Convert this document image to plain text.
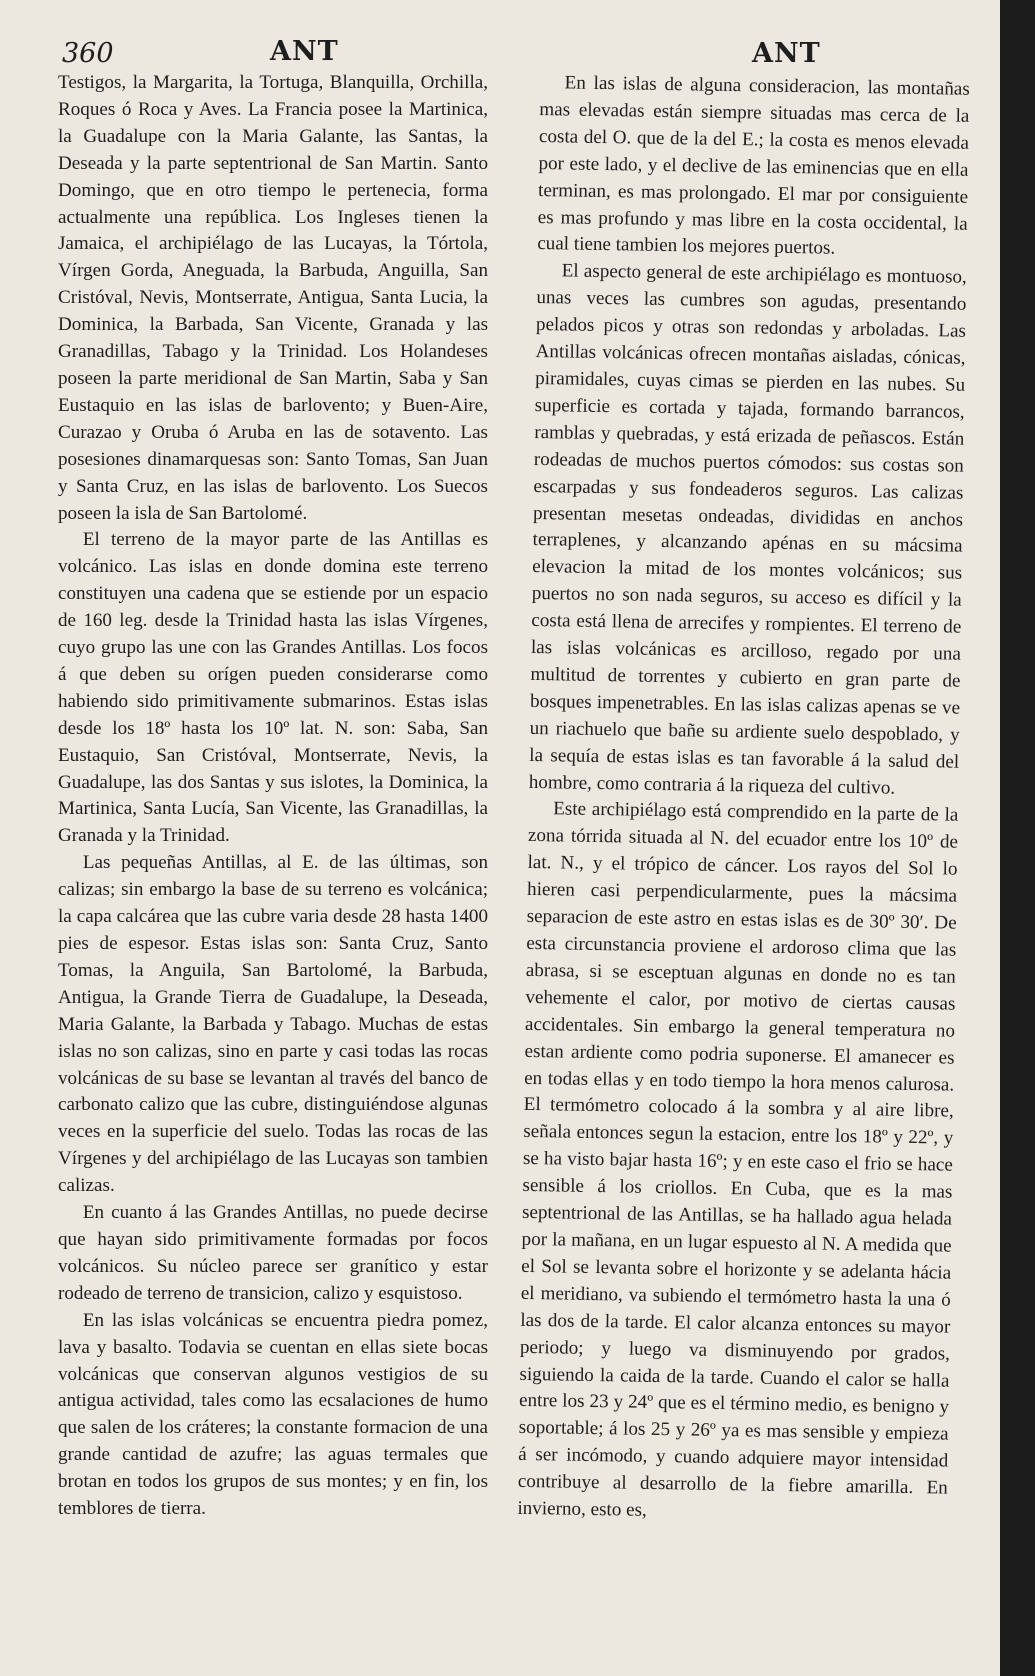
360	ANT	ANT

Testigos, la Margarita, la Tortuga, Blanquilla, Orchilla, Roques ó Roca y Aves. La Francia posee la Martinica, la Guadalupe con la Maria Galante, las Santas, la Deseada y la parte septentrional de San Martin. Santo Domingo, que en otro tiempo le pertenecia, forma actualmente una república. Los Ingleses tienen la Jamaica, el archipiélago de las Lucayas, la Tórtola, Vírgen Gorda, Aneguada, la Barbuda, Anguilla, San Cristóval, Nevis, Montserrate, Antigua, Santa Lucia, la Dominica, la Barbada, San Vicente, Granada y las Granadillas, Tabago y la Trinidad. Los Holandeses poseen la parte meridional de San Martin, Saba y San Eustaquio en las islas de barlovento; y Buen-Aire, Curazao y Oruba ó Aruba en las de sotavento. Las posesiones dinamarquesas son: Santo Tomas, San Juan y Santa Cruz, en las islas de barlovento. Los Suecos poseen la isla de San Bartolomé.

El terreno de la mayor parte de las Antillas es volcánico. Las islas en donde domina este terreno constituyen una cadena que se estiende por un espacio de 160 leg. desde la Trinidad hasta las islas Vírgenes, cuyo grupo las une con las Grandes Antillas. Los focos á que deben su orígen pueden considerarse como habiendo sido primitivamente submarinos. Estas islas desde los 18º hasta los 10º lat. N. son: Saba, San Eustaquio, San Cristóval, Montserrate, Nevis, la Guadalupe, las dos Santas y sus islotes, la Dominica, la Martinica, Santa Lucía, San Vicente, las Granadillas, la Granada y la Trinidad.

Las pequeñas Antillas, al E. de las últimas, son calizas; sin embargo la base de su terreno es volcánica; la capa calcárea que las cubre varia desde 28 hasta 1400 pies de espesor. Estas islas son: Santa Cruz, Santo Tomas, la Anguila, San Bartolomé, la Barbuda, Antigua, la Grande Tierra de Guadalupe, la Deseada, Maria Galante, la Barbada y Tabago. Muchas de estas islas no son calizas, sino en parte y casi todas las rocas volcánicas de su base se levantan al través del banco de carbonato calizo que las cubre, distinguiéndose algunas veces en la superficie del suelo. Todas las rocas de las Vírgenes y del archipiélago de las Lucayas son tambien calizas.

En cuanto á las Grandes Antillas, no puede decirse que hayan sido primitivamente formadas por focos volcánicos. Su núcleo parece ser granítico y estar rodeado de terreno de transicion, calizo y esquistoso.

En las islas volcánicas se encuentra piedra pomez, lava y basalto. Todavia se cuentan en ellas siete bocas volcánicas que conservan algunos vestigios de su antigua actividad, tales como las ecsalaciones de humo que salen de los cráteres; la constante formacion de una grande cantidad de azufre; las aguas termales que brotan en todos los grupos de sus montes; y en fin, los temblores de tierra.

En las islas de alguna consideracion, las montañas mas elevadas están siempre situadas mas cerca de la costa del O. que de la del E.; la costa es menos elevada por este lado, y el declive de las eminencias que en ella terminan, es mas prolongado. El mar por consiguiente es mas profundo y mas libre en la costa occidental, la cual tiene tambien los mejores puertos.

El aspecto general de este archipiélago es montuoso, unas veces las cumbres son agudas, presentando pelados picos y otras son redondas y arboladas. Las Antillas volcánicas ofrecen montañas aisladas, cónicas, piramidales, cuyas cimas se pierden en las nubes. Su superficie es cortada y tajada, formando barrancos, ramblas y quebradas, y está erizada de peñascos. Están rodeadas de muchos puertos cómodos: sus costas son escarpadas y sus fondeaderos seguros. Las calizas presentan mesetas ondeadas, divididas en anchos terraplenes, y alcanzando apénas en su mácsima elevacion la mitad de los montes volcánicos; sus puertos no son nada seguros, su acceso es difícil y la costa está llena de arrecifes y rompientes. El terreno de las islas volcánicas es arcilloso, regado por una multitud de torrentes y cubierto en gran parte de bosques impenetrables. En las islas calizas apenas se ve un riachuelo que bañe su ardiente suelo despoblado, y la sequía de estas islas es tan favorable á la salud del hombre, como contraria á la riqueza del cultivo.

Este archipiélago está comprendido en la parte de la zona tórrida situada al N. del ecuador entre los 10º de lat. N., y el trópico de cáncer. Los rayos del Sol lo hieren casi perpendicularmente, pues la mácsima separacion de este astro en estas islas es de 30º 30′. De esta circunstancia proviene el ardoroso clima que las abrasa, si se esceptuan algunas en donde no es tan vehemente el calor, por motivo de ciertas causas accidentales. Sin embargo la general temperatura no estan ardiente como podria suponerse. El amanecer es en todas ellas y en todo tiempo la hora menos calurosa. El termómetro colocado á la sombra y al aire libre, señala entonces segun la estacion, entre los 18º y 22º, y se ha visto bajar hasta 16º; y en este caso el frio se hace sensible á los criollos. En Cuba, que es la mas septentrional de las Antillas, se ha hallado agua helada por la mañana, en un lugar espuesto al N. A medida que el Sol se levanta sobre el horizonte y se adelanta hácia el meridiano, va subiendo el termómetro hasta la una ó las dos de la tarde. El calor alcanza entonces su mayor periodo; y luego va disminuyendo por grados, siguiendo la caida de la tarde. Cuando el calor se halla entre los 23 y 24º que es el término medio, es benigno y soportable; á los 25 y 26º ya es mas sensible y empieza á ser incómodo, y cuando adquiere mayor intensidad contribuye al desarrollo de la fiebre amarilla. En invierno, esto es,
